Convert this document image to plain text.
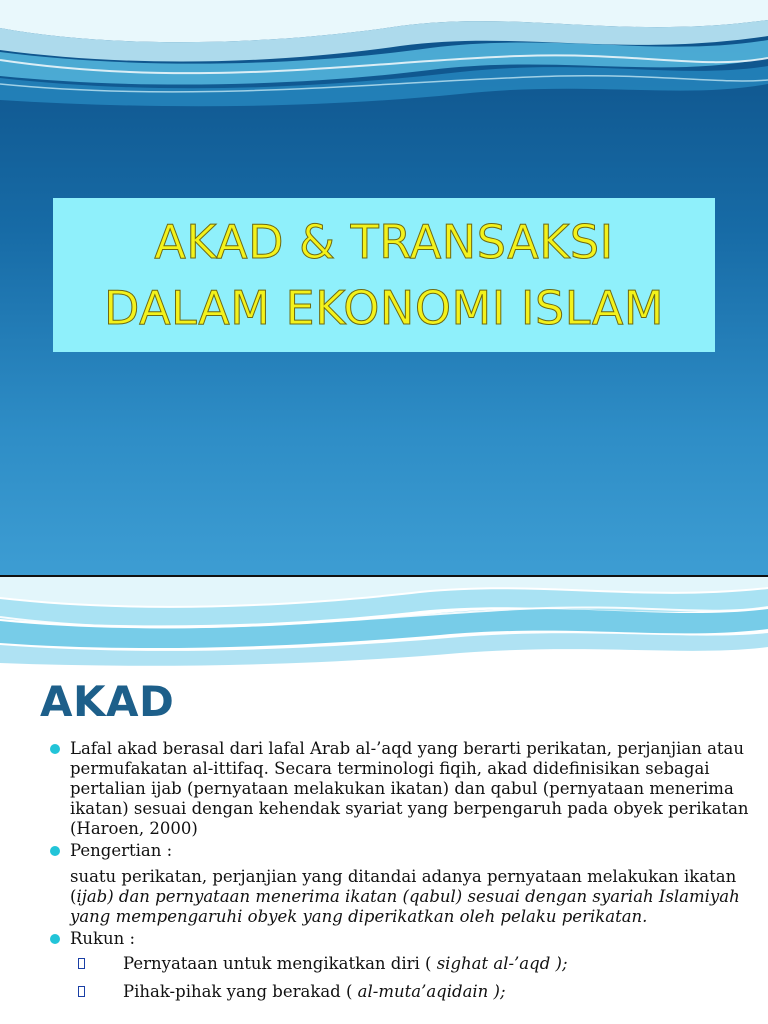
AKAD & TRANSAKSI
DALAM EKONOMI ISLAM
AKAD
Lafal akad berasal dari lafal Arab al-’aqd yang berarti perikatan, perjanjian atau permufakatan al-ittifaq. Secara terminologi fiqih, akad didefinisikan sebagai pertalian ijab (pernyataan melakukan ikatan) dan qabul (pernyataan menerima ikatan) sesuai dengan kehendak syariat yang berpengaruh pada obyek perikatan (Haroen, 2000)
Pengertian :
suatu perikatan, perjanjian yang ditandai adanya pernyataan melakukan ikatan (ijab) dan pernyataan menerima ikatan (qabul) sesuai dengan syariah Islamiyah yang mempengaruhi obyek yang diperikatkan oleh pelaku perikatan.
Rukun :
Pernyataan untuk mengikatkan diri ( sighat al-’aqd );
Pihak-pihak yang berakad ( al-muta’aqidain );
